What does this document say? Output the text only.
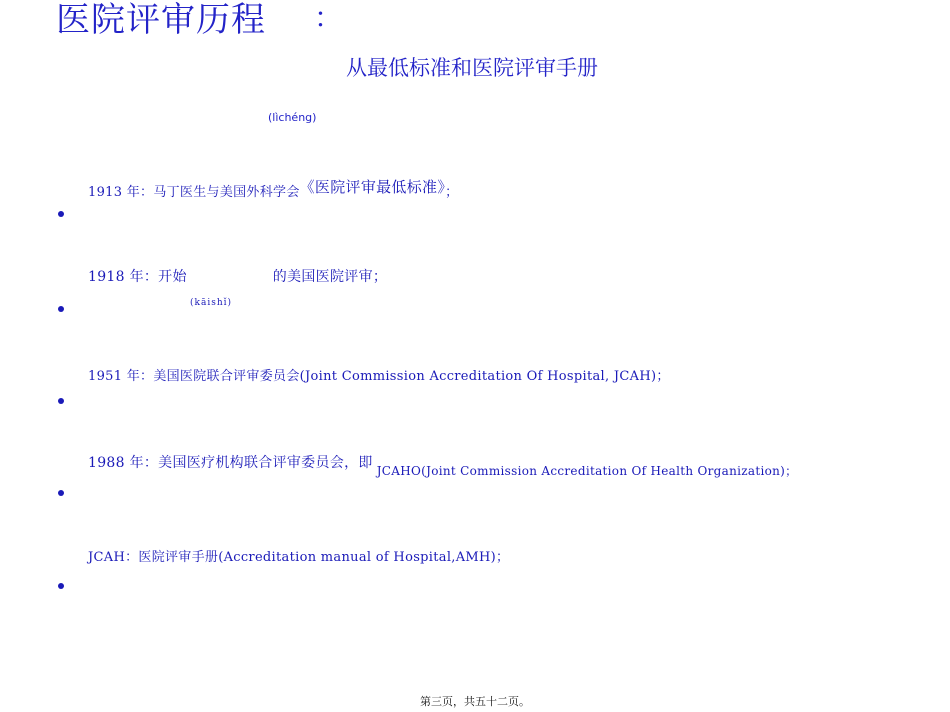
医院评审历程 ：
从最低标准和医院评审手册
(lìchéng)
1913 年：马丁医生与美国外科学会《医院评审最低标准》；
1918 年：开始	的美国医院评审；
(kāishǐ)
1951 年：美国医院联合评审委员会(Joint Commission Accreditation Of Hospital, JCAH)；
1988 年：美国医疗机构联合评审委员会，即 JCAHO(Joint Commission Accreditation Of Health Organization)；
JCAH：医院评审手册(Accreditation manual of Hospital,AMH)；
第三页，共五十二页。
